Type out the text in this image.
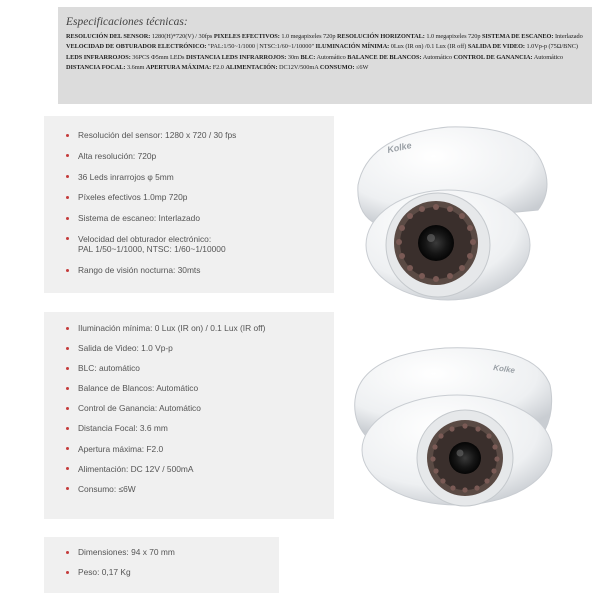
Especificaciones técnicas:
RESOLUCIÓN DEL SENSOR: 1280(H)*720(V) / 30fps PIXELES EFECTIVOS: 1.0 megapixeles 720p RESOLUCIÓN HORIZONTAL: 1.0 megapixeles 720p SISTEMA DE ESCANEO: Interlazado VELOCIDAD DE OBTURADOR ELECTRÓNICO: "PAL:1/50~1/1000 | NTSC:1/60~1/10000" ILUMINACIÓN MÍNIMA: 0Lux (IR on) /0.1 Lux (IR off) SALIDA DE VIDEO: 1.0Vp-p (75Ω/BNC) LEDS INFRARROJOS: 36PCS Φ5mm LEDs DISTANCIA LEDS INFRARROJOS: 30m BLC: Automático BALANCE DE BLANCOS: Automático CONTROL DE GANANCIA: Automático DISTANCIA FOCAL: 3.6mm APERTURA MÁXIMA: F2.0 ALIMENTACIÓN: DC12V/500mA CONSUMO: ≤6W
Resolución del sensor: 1280 x 720 / 30 fps
Alta resolución: 720p
36 Leds inrarrojos φ 5mm
Píxeles efectivos 1.0mp 720p
Sistema de escaneo: Interlazado
Velocidad del obturador electrónico:
PAL 1/50~1/1000, NTSC: 1/60~1/10000
Rango de visión nocturna: 30mts
Iluminación mínima: 0 Lux (IR on) / 0.1 Lux (IR off)
Salida de Video: 1.0 Vp-p
BLC: automático
Balance de Blancos: Automático
Control de Ganancia: Automático
Distancia Focal: 3.6 mm
Apertura máxima: F2.0
Alimentación: DC 12V / 500mA
Consumo: ≤6W
Dimensiones: 94 x 70 mm
Peso: 0,17 Kg
Kolke
Kolke
